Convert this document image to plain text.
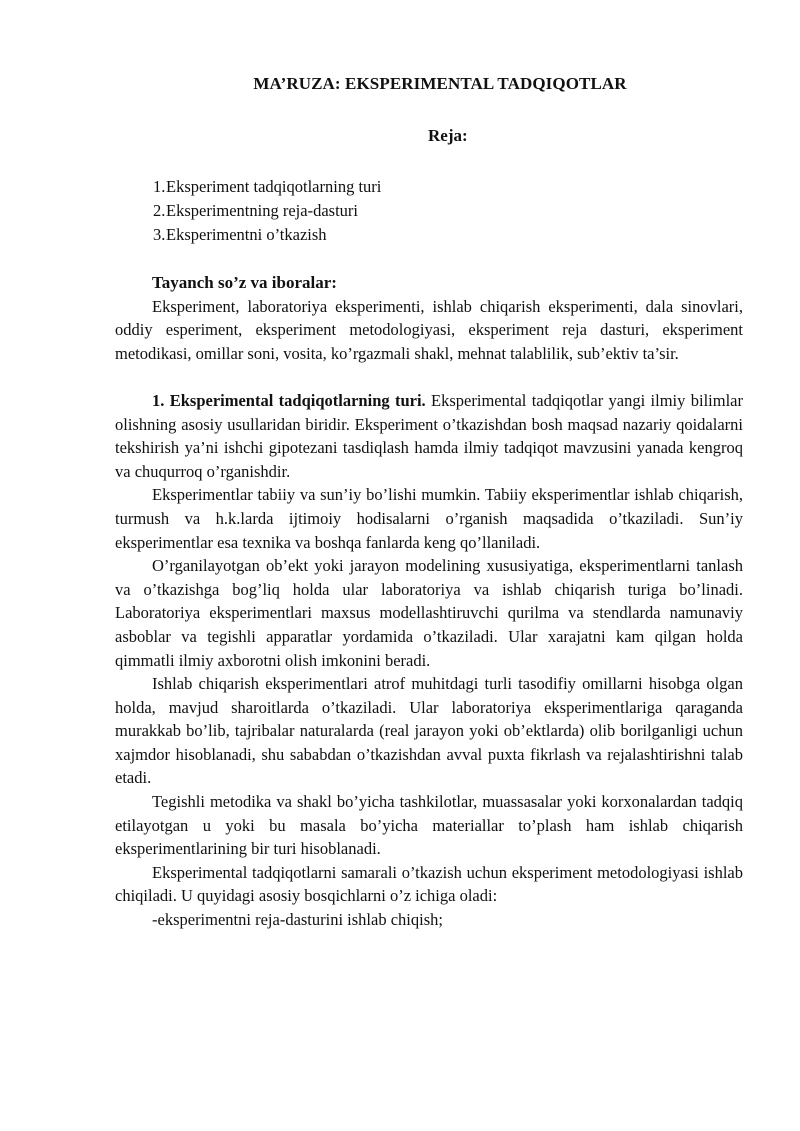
MA’RUZA: EKSPERIMENTAL TADQIQOTLAR
Reja:
1.Eksperiment tadqiqotlarning turi
2.Eksperimentning reja-dasturi
3.Eksperimentni o’tkazish

Tayanch so’z va iboralar:

Eksperiment, laboratoriya eksperimenti, ishlab chiqarish eksperimenti, dala sinovlari, oddiy esperiment, eksperiment metodologiyasi, eksperiment reja dasturi, eksperiment metodikasi, omillar soni, vosita, ko’rgazmali shakl, mehnat talablilik, sub’ektiv ta’sir.

1. Eksperimental tadqiqotlarning turi. Eksperimental tadqiqotlar yangi ilmiy bilimlar olishning asosiy usullaridan biridir. Eksperiment o’tkazishdan bosh maqsad nazariy qoidalarni tekshirish ya’ni ishchi gipotezani tasdiqlash hamda ilmiy tadqiqot mavzusini yanada kengroq va chuqurroq o’rganishdir.

Eksperimentlar tabiiy va sun’iy bo’lishi mumkin. Tabiiy eksperimentlar ishlab chiqarish, turmush va h.k.larda ijtimoiy hodisalarni o’rganish maqsadida o’tkaziladi. Sun’iy eksperimentlar esa texnika va boshqa fanlarda keng qo’llaniladi.

O’rganilayotgan ob’ekt yoki jarayon modelining xususiyatiga, eksperimentlarni tanlash va o’tkazishga bog’liq holda ular laboratoriya va ishlab chiqarish turiga bo’linadi. Laboratoriya eksperimentlari maxsus modellashtiruvchi qurilma va stendlarda namunaviy asboblar va tegishli apparatlar yordamida o’tkaziladi. Ular xarajatni kam qilgan holda qimmatli ilmiy axborotni olish imkonini beradi.

Ishlab chiqarish eksperimentlari atrof muhitdagi turli tasodifiy omillarni hisobga olgan holda, mavjud sharoitlarda o’tkaziladi. Ular laboratoriya eksperimentlariga qaraganda murakkab bo’lib, tajribalar naturalarda (real jarayon yoki ob’ektlarda) olib borilganligi uchun xajmdor hisoblanadi, shu sababdan o’tkazishdan avval puxta fikrlash va rejalashtirishni talab etadi.

Tegishli metodika va shakl bo’yicha tashkilotlar, muassasalar yoki korxonalardan tadqiq etilayotgan u yoki bu masala bo’yicha materiallar to’plash ham ishlab chiqarish eksperimentlarining bir turi hisoblanadi.

Eksperimental tadqiqotlarni samarali o’tkazish uchun eksperiment metodologiyasi ishlab chiqiladi. U quyidagi asosiy bosqichlarni o’z ichiga oladi:

-eksperimentni reja-dasturini ishlab chiqish;
